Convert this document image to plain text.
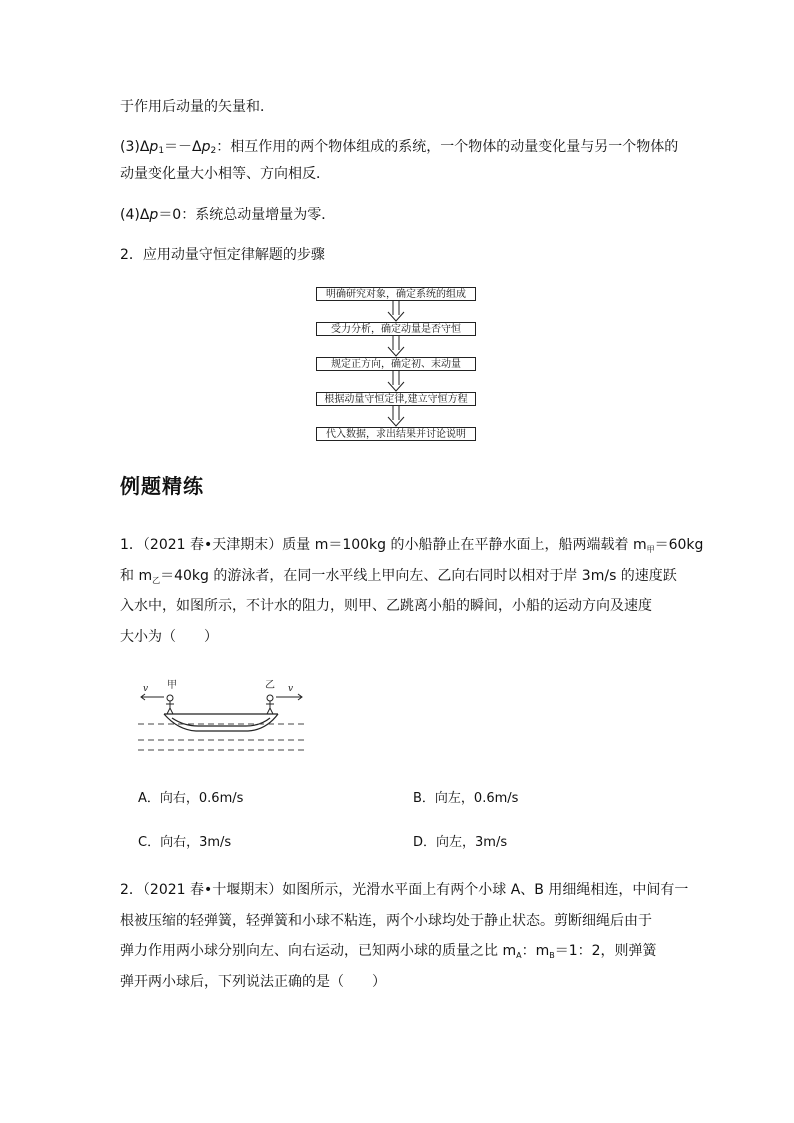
于作用后动量的矢量和．
$(3)\Delta p_1=-\Delta p_2$：相互作用的两个物体组成的系统，一个物体的动量变化量与另一个物体的
动量变化量大小相等、方向相反．
(4)Δp＝0：系统总动量增量为零．
2．应用动量守恒定律解题的步骤
明确研究对象，确定系统的组成
受力分析，确定动量是否守恒
规定正方向，确定初、末动量
根据动量守恒定律,建立守恒方程
代入数据，求出结果并讨论说明
例题精练
1．（2021 春•天津期末）质量 m＝100kg 的小船静止在平静水面上，船两端载着 $m_甲=60kg$
和 $m_乙=40kg$ 的游泳者，在同一水平线上甲向左、乙向右同时以相对于岸 3m/s 的速度跃
入水中，如图所示，不计水的阻力，则甲、乙跳离小船的瞬间，小船的运动方向及速度
大小为（　　）
v 甲	乙 v
A．向右，0.6m/s	B．向左，0.6m/s
C．向右，3m/s	D．向左，3m/s
2．（2021 春•十堰期末）如图所示，光滑水平面上有两个小球 A、B 用细绳相连，中间有一
根被压缩的轻弹簧，轻弹簧和小球不粘连，两个小球均处于静止状态。剪断细绳后由于
弹力作用两小球分别向左、向右运动，已知两小球的质量之比 $m_A$：$m_B=1$：2，则弹簧
弹开两小球后，下列说法正确的是（　　）
